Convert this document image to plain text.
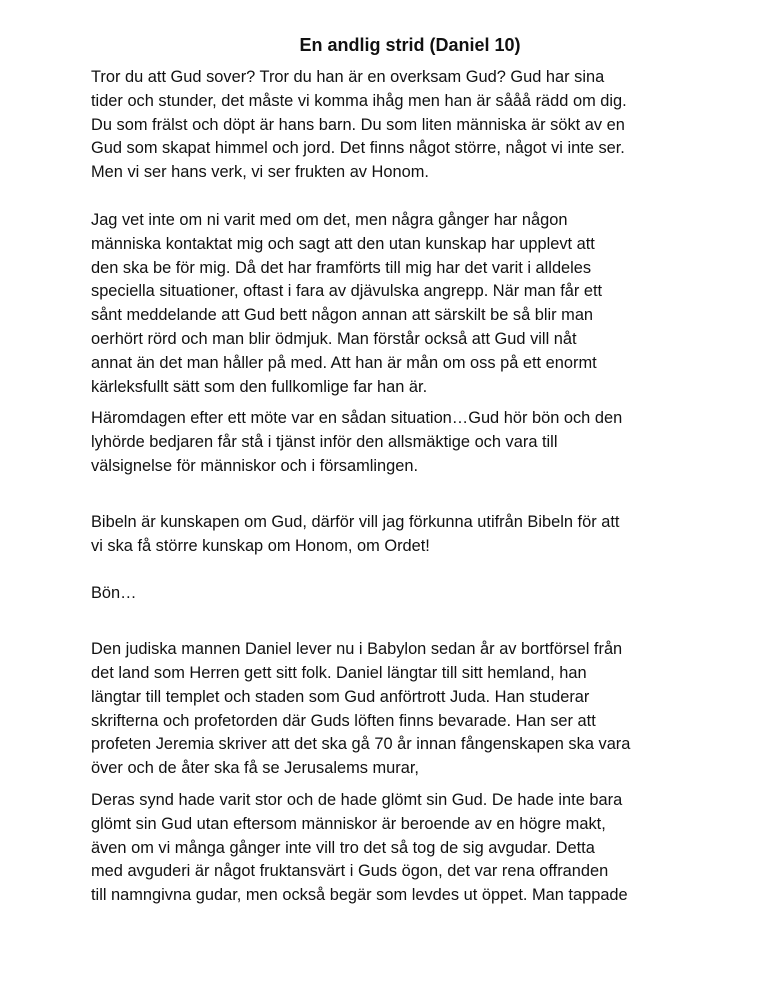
En andlig strid (Daniel 10)

Tror du att Gud sover? Tror du han är en overksam Gud? Gud har sina
tider och stunder, det måste vi komma ihåg men han är sååå rädd om dig.
Du som frälst och döpt är hans barn. Du som liten människa är sökt av en
Gud som skapat himmel och jord. Det finns något större, något vi inte ser.
Men vi ser hans verk, vi ser frukten av Honom.

Jag vet inte om ni varit med om det, men några gånger har någon
människa kontaktat mig och sagt att den utan kunskap har upplevt att
den ska be för mig. Då det har framförts till mig har det varit i alldeles
speciella situationer, oftast i fara av djävulska angrepp. När man får ett
sånt meddelande att Gud bett någon annan att särskilt be så blir man
oerhört rörd och man blir ödmjuk. Man förstår också att Gud vill nåt
annat än det man håller på med. Att han är mån om oss på ett enormt
kärleksfullt sätt som den fullkomlige far han är.

Häromdagen efter ett möte var en sådan situation…Gud hör bön och den
lyhörde bedjaren får stå i tjänst inför den allsmäktige och vara till
välsignelse för människor och i församlingen.

Bibeln är kunskapen om Gud, därför vill jag förkunna utifrån Bibeln för att
vi ska få större kunskap om Honom, om Ordet!

Bön…

Den judiska mannen Daniel lever nu i Babylon sedan år av bortförsel från
det land som Herren gett sitt folk. Daniel längtar till sitt hemland, han
längtar till templet och staden som Gud anförtrott Juda. Han studerar
skrifterna och profetorden där Guds löften finns bevarade. Han ser att
profeten Jeremia skriver att det ska gå 70 år innan fångenskapen ska vara
över och de åter ska få se Jerusalems murar,

Deras synd hade varit stor och de hade glömt sin Gud. De hade inte bara
glömt sin Gud utan eftersom människor är beroende av en högre makt,
även om vi många gånger inte vill tro det så tog de sig avgudar. Detta
med avguderi är något fruktansvärt i Guds ögon, det var rena offranden
till namngivna gudar, men också begär som levdes ut öppet. Man tappade
